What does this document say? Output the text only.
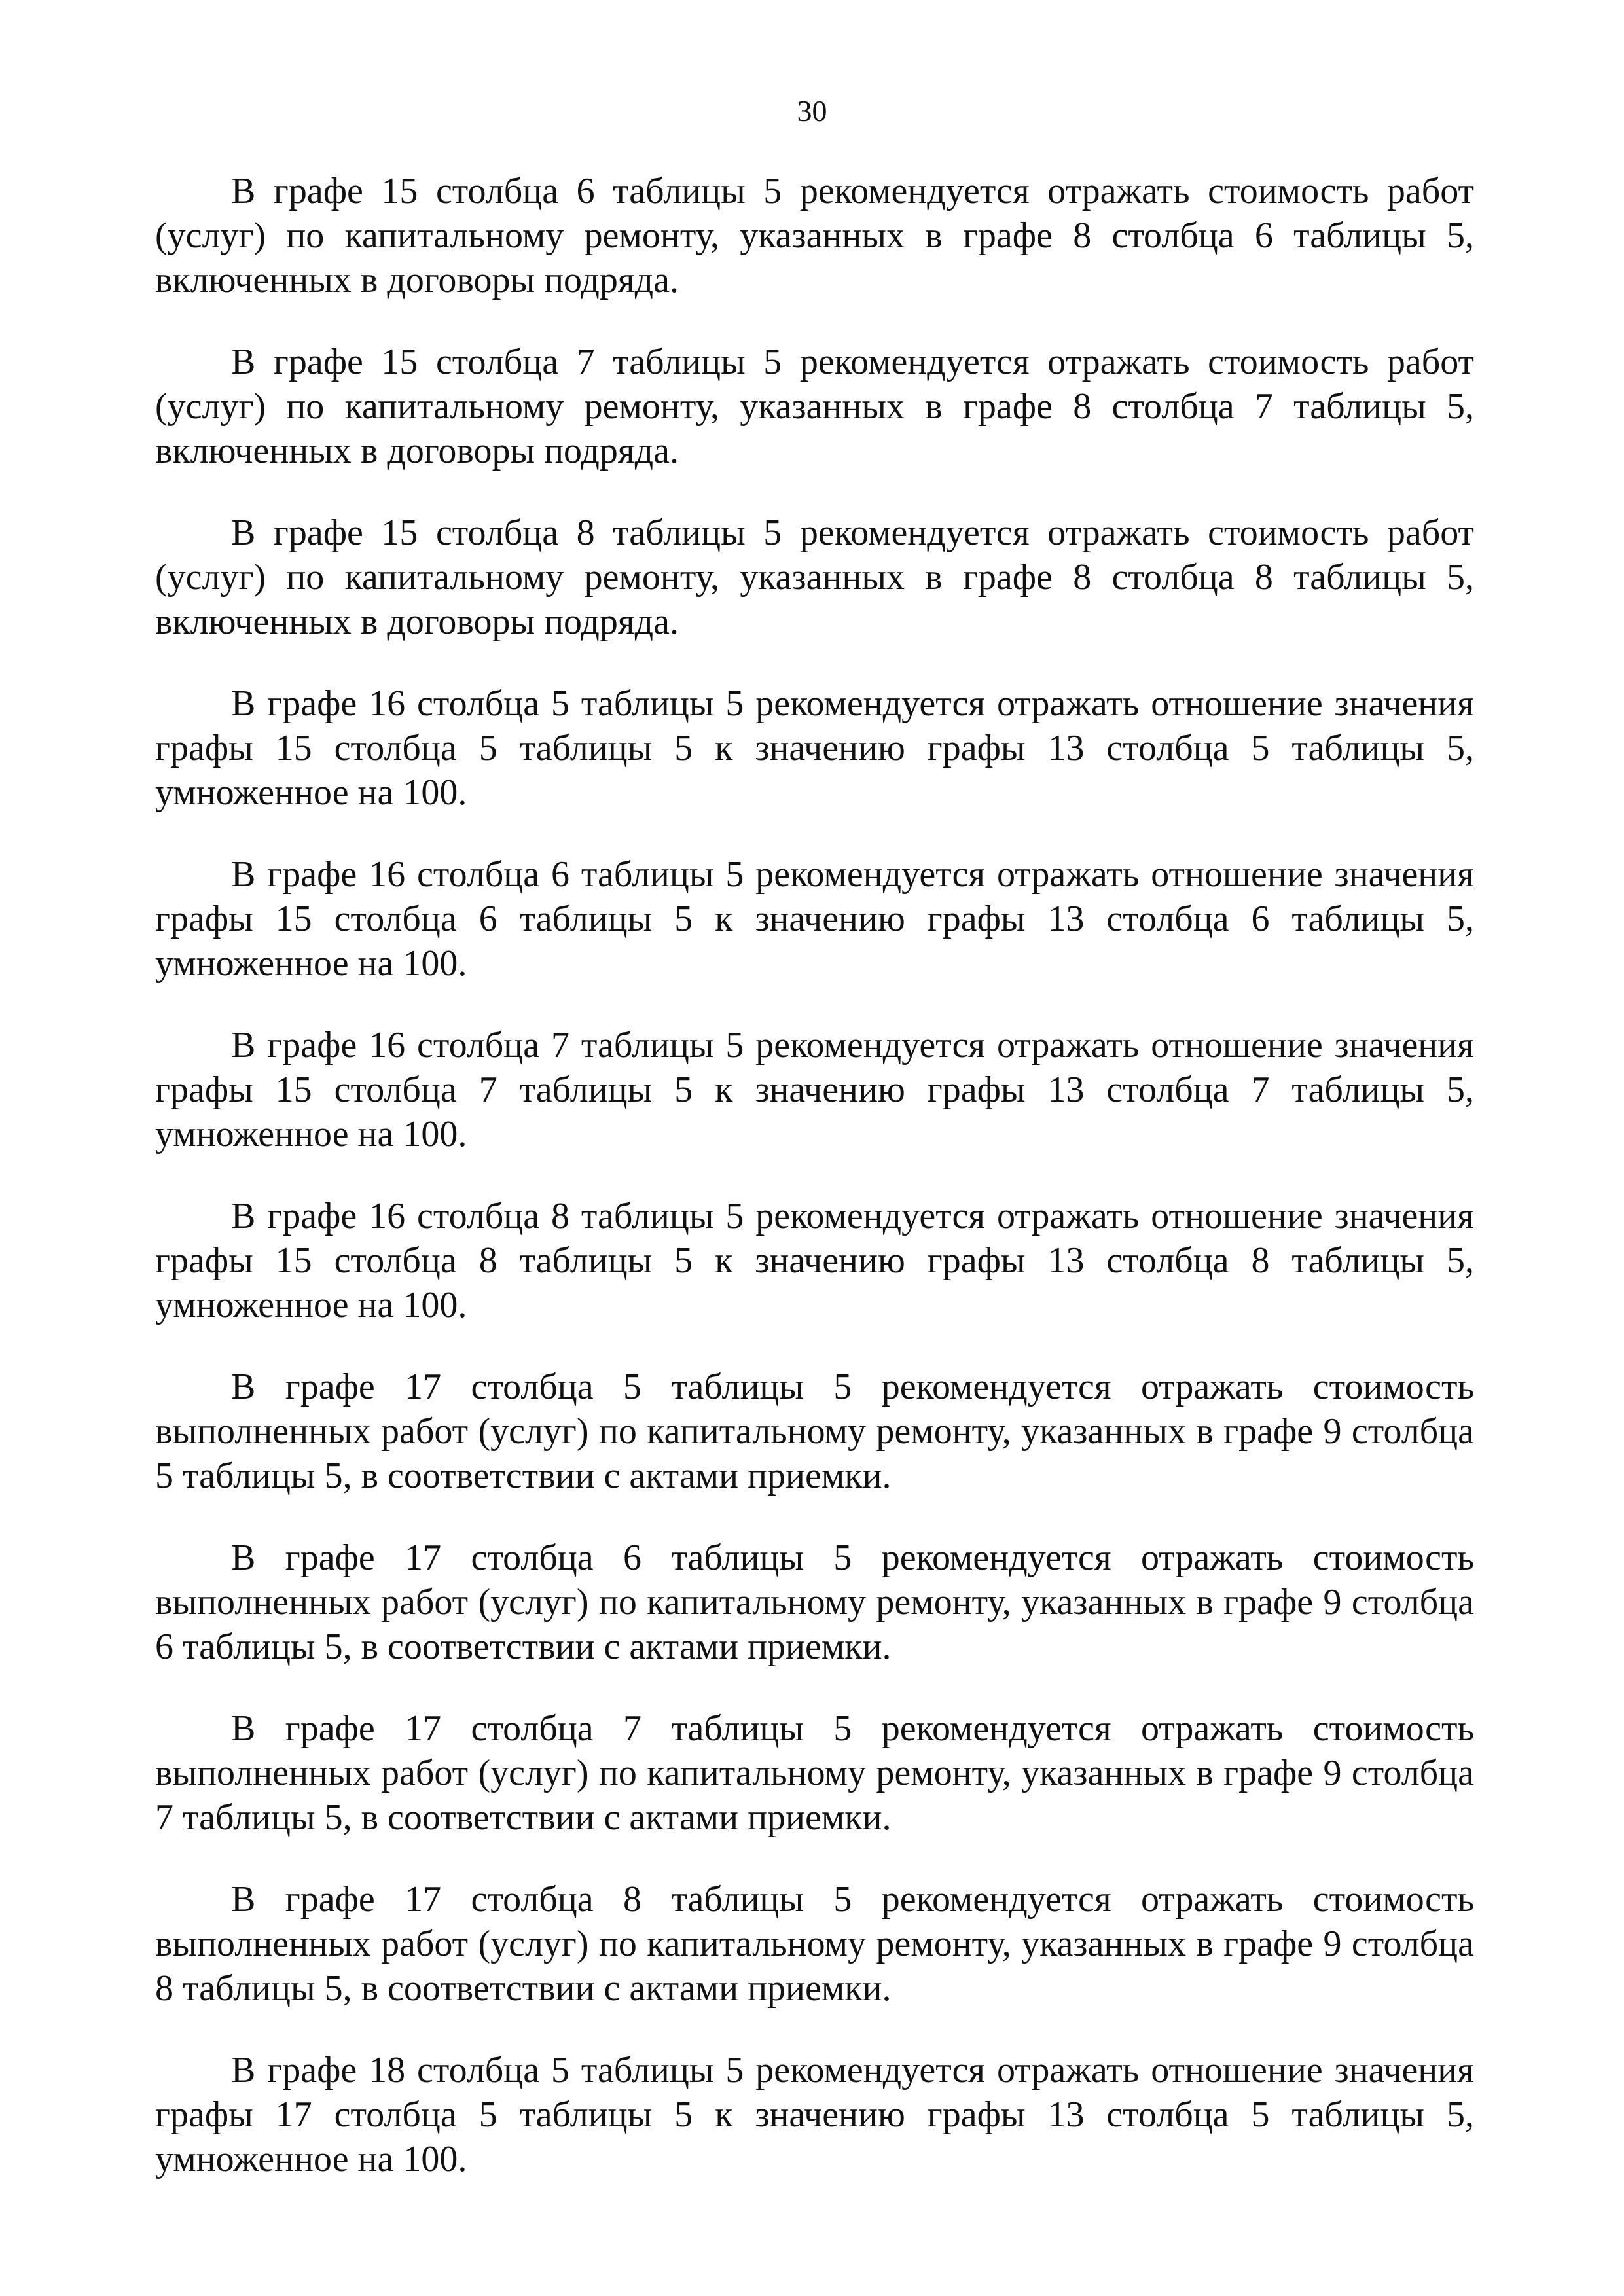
30

В графе 15 столбца 6 таблицы 5 рекомендуется отражать стоимость работ (услуг) по капитальному ремонту, указанных в графе 8 столбца 6 таблицы 5, включенных в договоры подряда.

В графе 15 столбца 7 таблицы 5 рекомендуется отражать стоимость работ (услуг) по капитальному ремонту, указанных в графе 8 столбца 7 таблицы 5, включенных в договоры подряда.

В графе 15 столбца 8 таблицы 5 рекомендуется отражать стоимость работ (услуг) по капитальному ремонту, указанных в графе 8 столбца 8 таблицы 5, включенных в договоры подряда.

В графе 16 столбца 5 таблицы 5 рекомендуется отражать отношение значения графы 15 столбца 5 таблицы 5 к значению графы 13 столбца 5 таблицы 5, умноженное на 100.

В графе 16 столбца 6 таблицы 5 рекомендуется отражать отношение значения графы 15 столбца 6 таблицы 5 к значению графы 13 столбца 6 таблицы 5, умноженное на 100.

В графе 16 столбца 7 таблицы 5 рекомендуется отражать отношение значения графы 15 столбца 7 таблицы 5 к значению графы 13 столбца 7 таблицы 5, умноженное на 100.

В графе 16 столбца 8 таблицы 5 рекомендуется отражать отношение значения графы 15 столбца 8 таблицы 5 к значению графы 13 столбца 8 таблицы 5, умноженное на 100.

В графе 17 столбца 5 таблицы 5 рекомендуется отражать стоимость выполненных работ (услуг) по капитальному ремонту, указанных в графе 9 столбца 5 таблицы 5, в соответствии с актами приемки.

В графе 17 столбца 6 таблицы 5 рекомендуется отражать стоимость выполненных работ (услуг) по капитальному ремонту, указанных в графе 9 столбца 6 таблицы 5, в соответствии с актами приемки.

В графе 17 столбца 7 таблицы 5 рекомендуется отражать стоимость выполненных работ (услуг) по капитальному ремонту, указанных в графе 9 столбца 7 таблицы 5, в соответствии с актами приемки.

В графе 17 столбца 8 таблицы 5 рекомендуется отражать стоимость выполненных работ (услуг) по капитальному ремонту, указанных в графе 9 столбца 8 таблицы 5, в соответствии с актами приемки.

В графе 18 столбца 5 таблицы 5 рекомендуется отражать отношение значения графы 17 столбца 5 таблицы 5 к значению графы 13 столбца 5 таблицы 5, умноженное на 100.
